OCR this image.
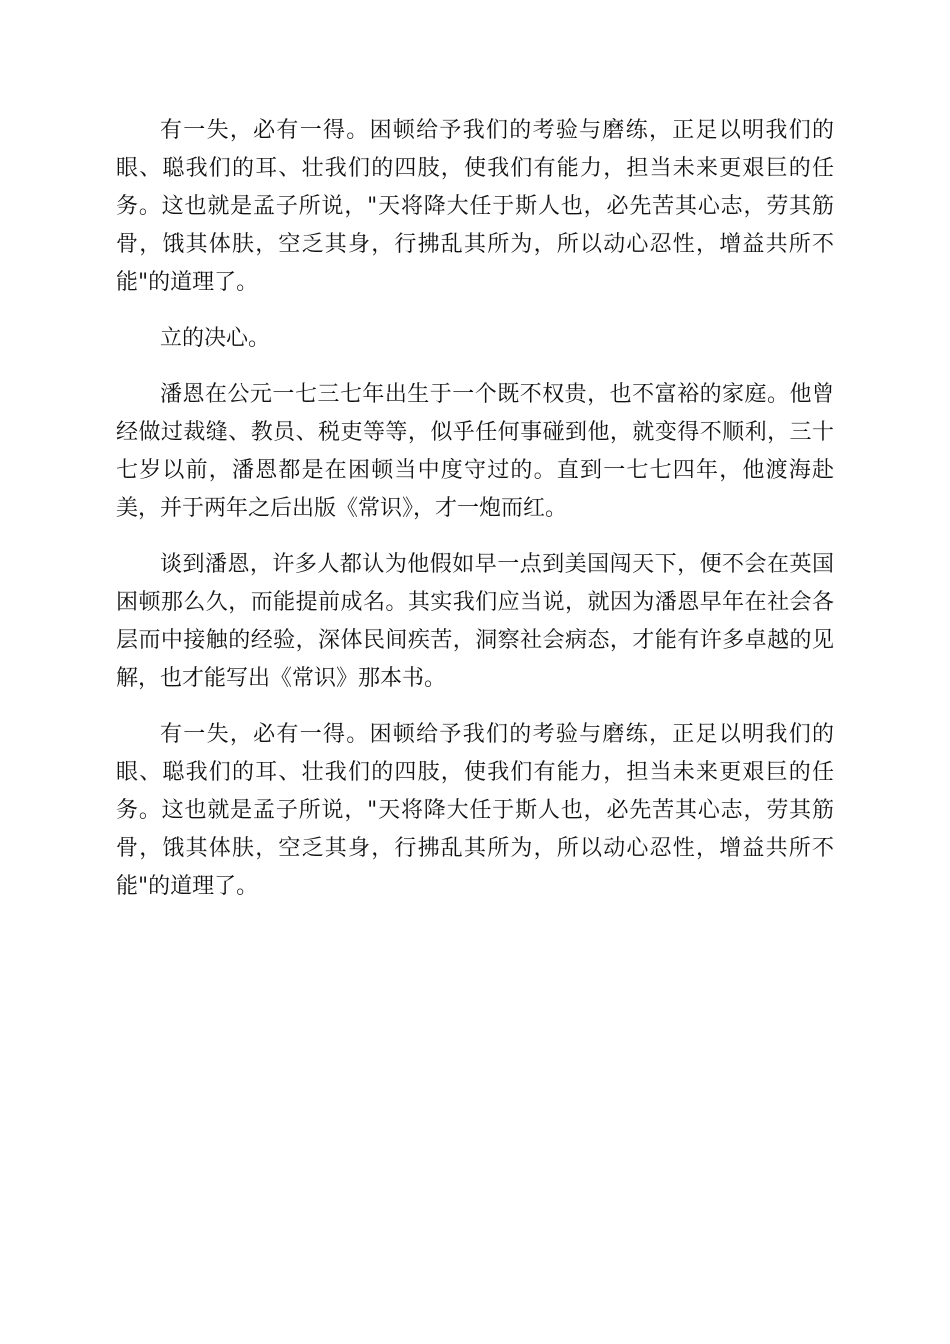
有一失，必有一得。困顿给予我们的考验与磨练，正足以明我们的眼、聪我们的耳、壮我们的四肢，使我们有能力，担当未来更艰巨的任务。这也就是孟子所说，"天将降大任于斯人也，必先苦其心志，劳其筋骨，饿其体肤，空乏其身，行拂乱其所为，所以动心忍性，增益共所不能"的道理了。

立的决心。

潘恩在公元一七三七年出生于一个既不权贵，也不富裕的家庭。他曾经做过裁缝、教员、税吏等等，似乎任何事碰到他，就变得不顺利，三十七岁以前，潘恩都是在困顿当中度守过的。直到一七七四年，他渡海赴美，并于两年之后出版《常识》，才一炮而红。

谈到潘恩，许多人都认为他假如早一点到美国闯天下，便不会在英国困顿那么久，而能提前成名。其实我们应当说，就因为潘恩早年在社会各层而中接触的经验，深体民间疾苦，洞察社会病态，才能有许多卓越的见解，也才能写出《常识》那本书。

有一失，必有一得。困顿给予我们的考验与磨练，正足以明我们的眼、聪我们的耳、壮我们的四肢，使我们有能力，担当未来更艰巨的任务。这也就是孟子所说，"天将降大任于斯人也，必先苦其心志，劳其筋骨，饿其体肤，空乏其身，行拂乱其所为，所以动心忍性，增益共所不能"的道理了。
